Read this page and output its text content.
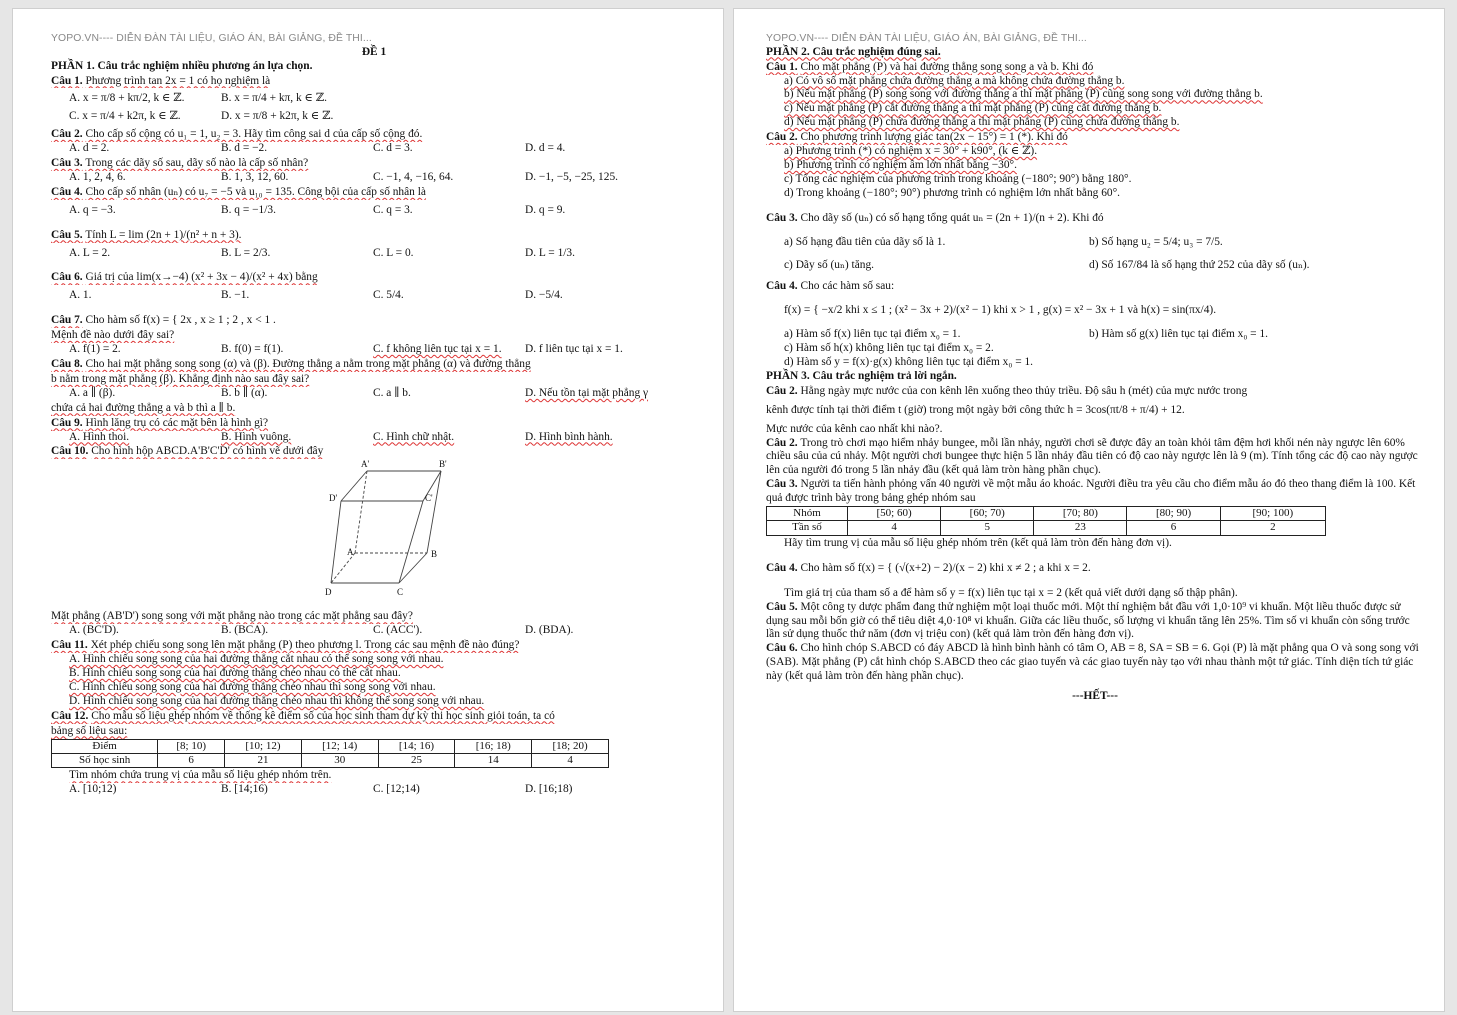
YOPO.VN---- DIỄN ĐÀN TÀI LIỆU, GIÁO ÁN, BÀI GIẢNG, ĐỀ THI...
ĐỀ 1
PHẦN 1. Câu trắc nghiệm nhiều phương án lựa chọn.
Câu 1. Phương trình tan 2x = 1 có họ nghiệm là
A. x = π/8 + kπ/2, k ∈ ℤ.	B. x = π/4 + kπ, k ∈ ℤ.
C. x = π/4 + k2π, k ∈ ℤ.	D. x = π/8 + k2π, k ∈ ℤ.
Câu 2. Cho cấp số cộng có u₁ = 1, u₂ = 3. Hãy tìm công sai d của cấp số cộng đó.
A. d = 2.	B. d = −2.	C. d = 3.	D. d = 4.
Câu 3. Trong các dãy số sau, dãy số nào là cấp số nhân?
A. 1, 2, 4, 6.	B. 1, 3, 12, 60.	C. −1, 4, −16, 64.	D. −1, −5, −25, 125.
Câu 4. Cho cấp số nhân (uₙ) có u₇ = −5 và u₁₀ = 135. Công bội của cấp số nhân là
A. q = −3.	B. q = −1/3.	C. q = 3.	D. q = 9.
Câu 5. Tính L = lim (2n + 1)/(n² + n + 3).
A. L = 2.	B. L = 2/3.	C. L = 0.	D. L = 1/3.
Câu 6. Giá trị của lim(x→−4) (x² + 3x − 4)/(x² + 4x) bằng
A. 1.	B. −1.	C. 5/4.	D. −5/4.
Câu 7. Cho hàm số f(x) = { 2x , x ≥ 1 ; 2 , x < 1 .
Mệnh đề nào dưới đây sai?
A. f(1) = 2.	B. f(0) = f(1).	C. f không liên tục tại x = 1.	D. f liên tục tại x = 1.
Câu 8. Cho hai mặt phẳng song song (α) và (β). Đường thẳng a nằm trong mặt phẳng (α) và đường thẳng
b nằm trong mặt phẳng (β). Khẳng định nào sau đây sai?
A. a ∥ (β).	B. b ∥ (α).	C. a ∥ b.	D. Nếu tồn tại mặt phẳng γ
chứa cả hai đường thẳng a và b thì a ∥ b.
Câu 9. Hình lăng trụ có các mặt bên là hình gì?
A. Hình thoi.	B. Hình vuông.	C. Hình chữ nhật.	D. Hình bình hành.
Câu 10. Cho hình hộp ABCD.A'B'C'D' có hình vẽ dưới đây
A'	B'
D'	C'
A	B
D	C
Mặt phẳng (AB'D') song song với mặt phẳng nào trong các mặt phẳng sau đây?
A. (BC'D).	B. (BCA).	C. (ACC').	D. (BDA).
Câu 11. Xét phép chiếu song song lên mặt phẳng (P) theo phương l. Trong các sau mệnh đề nào đúng?
A. Hình chiếu song song của hai đường thẳng cắt nhau có thể song song với nhau.
B. Hình chiếu song song của hai đường thẳng chéo nhau có thể cắt nhau.
C. Hình chiếu song song của hai đường thẳng chéo nhau thì song song với nhau.
D. Hình chiếu song song của hai đường thẳng chéo nhau thì không thể song song với nhau.
Câu 12. Cho mẫu số liệu ghép nhóm về thống kê điểm số của học sinh tham dự kỳ thi học sinh giỏi toán, ta có
bảng số liệu sau:
Điểm	[8; 10)	[10; 12)	[12; 14)	[14; 16)	[16; 18)	[18; 20)
Số học sinh	6	21	30	25	14	4
Tìm nhóm chứa trung vị của mẫu số liệu ghép nhóm trên.
A. [10;12)	B. [14;16)	C. [12;14)	D. [16;18)
YOPO.VN---- DIỄN ĐÀN TÀI LIỆU, GIÁO ÁN, BÀI GIẢNG, ĐỀ THI...
PHẦN 2. Câu trắc nghiệm đúng sai.
Câu 1. Cho mặt phẳng (P) và hai đường thẳng song song a và b. Khi đó
a) Có vô số mặt phẳng chứa đường thẳng a mà không chứa đường thẳng b.
b) Nếu mặt phẳng (P) song song với đường thẳng a thì mặt phẳng (P) cũng song song với đường thẳng b.
c) Nếu mặt phẳng (P) cắt đường thẳng a thì mặt phẳng (P) cũng cắt đường thẳng b.
d) Nếu mặt phẳng (P) chứa đường thẳng a thì mặt phẳng (P) cũng chứa đường thẳng b.
Câu 2. Cho phương trình lượng giác tan(2x − 15°) = 1 (*). Khi đó
a) Phương trình (*) có nghiệm x = 30° + k90°, (k ∈ ℤ).
b) Phương trình có nghiệm âm lớn nhất bằng −30°.
c) Tổng các nghiệm của phương trình trong khoảng (−180°; 90°) bằng 180°.
d) Trong khoảng (−180°; 90°) phương trình có nghiệm lớn nhất bằng 60°.
Câu 3. Cho dãy số (uₙ) có số hạng tổng quát uₙ = (2n + 1)/(n + 2). Khi đó
a) Số hạng đầu tiên của dãy số là 1.	b) Số hạng u₂ = 5/4; u₃ = 7/5.
c) Dãy số (uₙ) tăng.	d) Số 167/84 là số hạng thứ 252 của dãy số (uₙ).
Câu 4. Cho các hàm số sau:
f(x) = { −x/2 khi x ≤ 1 ; (x² − 3x + 2)/(x² − 1) khi x > 1 , g(x) = x² − 3x + 1 và h(x) = sin(πx/4).
a) Hàm số f(x) liên tục tại điểm x₀ = 1.	b) Hàm số g(x) liên tục tại điểm x₀ = 1.
c) Hàm số h(x) không liên tục tại điểm x₀ = 2.
d) Hàm số y = f(x)·g(x) không liên tục tại điểm x₀ = 1.
PHẦN 3. Câu trắc nghiệm trả lời ngắn.
Câu 2. Hằng ngày mực nước của con kênh lên xuống theo thủy triều. Độ sâu h (mét) của mực nước trong
kênh được tính tại thời điểm t (giờ) trong một ngày bởi công thức h = 3cos(πt/8 + π/4) + 12.
Mực nước của kênh cao nhất khi nào?.
Câu 2. Trong trò chơi mạo hiểm nhảy bungee, mỗi lần nhảy, người chơi sẽ được đây an toàn khỏi tâm đệm hơi khối nén này ngược lên 60% chiều sâu của cú nhảy. Một người chơi bungee thực hiện 5 lần nhảy đầu tiên có độ cao này ngược lên là 9 (m). Tính tổng các độ cao này ngược lên của người đó trong 5 lần nhảy đầu (kết quả làm tròn hàng phần chục).
Câu 3. Người ta tiến hành phỏng vấn 40 người về một mẫu áo khoác. Người điều tra yêu cầu cho điểm mẫu áo đó theo thang điểm là 100. Kết quả được trình bày trong bảng ghép nhóm sau
Nhóm	[50; 60)	[60; 70)	[70; 80)	[80; 90)	[90; 100)
Tần số	4	5	23	6	2
Hãy tìm trung vị của mẫu số liệu ghép nhóm trên (kết quả làm tròn đến hàng đơn vị).
Câu 4. Cho hàm số f(x) = { (√(x+2) − 2)/(x − 2) khi x ≠ 2 ; a khi x = 2.
Tìm giá trị của tham số a để hàm số y = f(x) liên tục tại x = 2 (kết quả viết dưới dạng số thập phân).
Câu 5. Một công ty dược phẩm đang thử nghiệm một loại thuốc mới. Một thí nghiệm bắt đầu với 1,0·10⁹ vi khuẩn. Một liều thuốc được sử dụng sau mỗi bốn giờ có thể tiêu diệt 4,0·10⁸ vi khuẩn. Giữa các liều thuốc, số lượng vi khuẩn tăng lên 25%. Tìm số vi khuẩn còn sống trước lần sử dụng thuốc thứ năm (đơn vị triệu con) (kết quả làm tròn đến hàng đơn vị).
Câu 6. Cho hình chóp S.ABCD có đáy ABCD là hình bình hành có tâm O, AB = 8, SA = SB = 6. Gọi (P) là mặt phẳng qua O và song song với (SAB). Mặt phẳng (P) cắt hình chóp S.ABCD theo các giao tuyến và các giao tuyến này tạo với nhau thành một tứ giác. Tính diện tích tứ giác này (kết quả làm tròn đến hàng phần chục).
---HẾT---
